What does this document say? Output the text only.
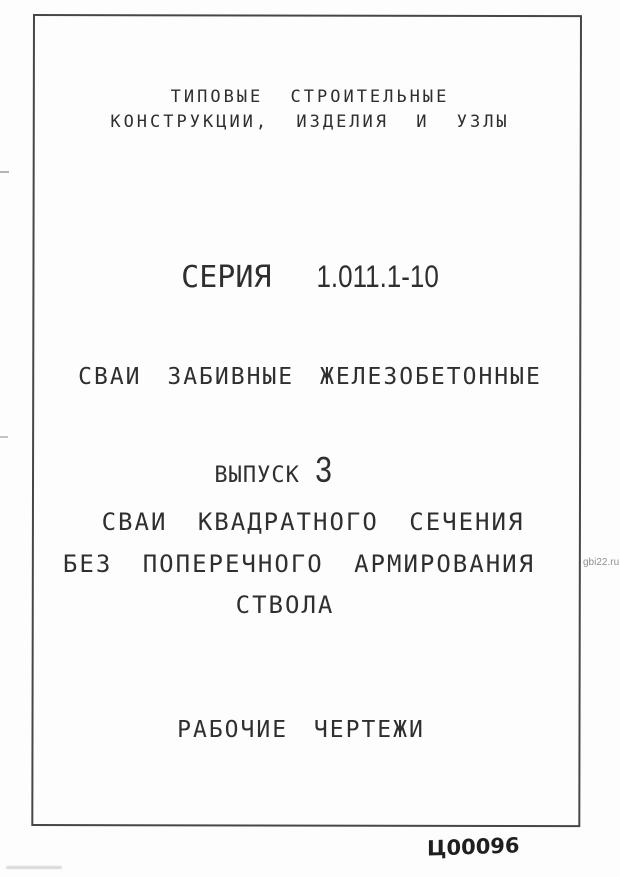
ТИПОВЫЕ СТРОИТЕЛЬНЫЕ
КОНСТРУКЦИИ, ИЗДЕЛИЯ И УЗЛЫ
СЕРИЯ 1.011.1-10
СВАИ ЗАБИВНЫЕ ЖЕЛЕЗОБЕТОННЫЕ
ВЫПУСК 3
СВАИ КВАДРАТНОГО СЕЧЕНИЯ
БЕЗ ПОПЕРЕЧНОГО АРМИРОВАНИЯ
СТВОЛА
РАБОЧИЕ ЧЕРТЕЖИ
gbi22.ru
Ц00096
